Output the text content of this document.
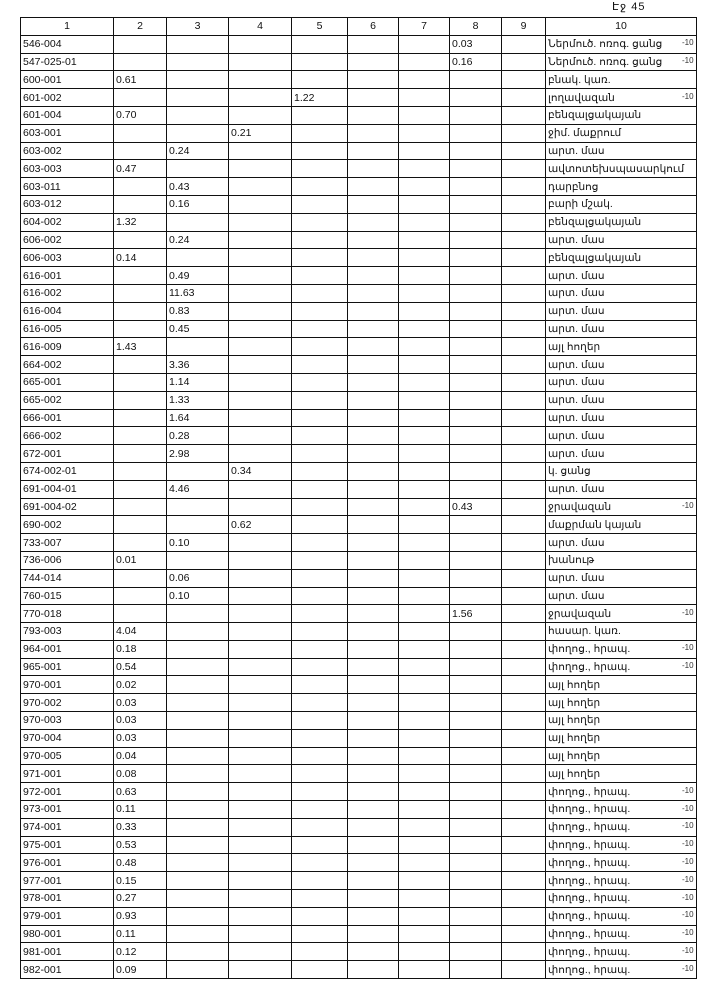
Էջ 45
1	2	3	4	5	6	7	8	9	10
546-004							0.03		Ներմուծ. ոռոգ. ցանց
547-025-01							0.16		Ներմուծ. ոռոգ. ցանց
600-001	0.61								բնակ. կառ.
601-002				1.22					լողավազան
601-004	0.70								բենզալցակայան
603-001			0.21						ջիմ. մաքրում
603-002		0.24							արտ. մաս
603-003	0.47								ավտոտեխսպասարկում
603-011		0.43							դարբնոց
603-012		0.16							բարի մշակ.
604-002	1.32								բենզալցակայան
606-002		0.24							արտ. մաս
606-003	0.14								բենզալցակայան
616-001		0.49							արտ. մաս
616-002		11.63							արտ. մաս
616-004		0.83							արտ. մաս
616-005		0.45							արտ. մաս
616-009	1.43								այլ հողեր
664-002		3.36							արտ. մաս
665-001		1.14							արտ. մաս
665-002		1.33							արտ. մաս
666-001		1.64							արտ. մաս
666-002		0.28							արտ. մաս
672-001		2.98							արտ. մաս
674-002-01			0.34						կ. ցանց
691-004-01		4.46							արտ. մաս
691-004-02							0.43		ջրավազան
690-002			0.62						մաքրման կայան
733-007		0.10							արտ. մաս
736-006	0.01								խանութ
744-014		0.06							արտ. մաս
760-015		0.10							արտ. մաս
770-018							1.56		ջրավազան
793-003	4.04								հասար. կառ.
964-001	0.18								փողոց., հրապ.
965-001	0.54								փողոց., հրապ.
970-001	0.02								այլ հողեր
970-002	0.03								այլ հողեր
970-003	0.03								այլ հողեր
970-004	0.03								այլ հողեր
970-005	0.04								այլ հողեր
971-001	0.08								այլ հողեր
972-001	0.63								փողոց., հրապ.
973-001	0.11								փողոց., հրապ.
974-001	0.33								փողոց., հրապ.
975-001	0.53								փողոց., հրապ.
976-001	0.48								փողոց., հրապ.
977-001	0.15								փողոց., հրապ.
978-001	0.27								փողոց., հրապ.
979-001	0.93								փողոց., հրապ.
980-001	0.11								փողոց., հրապ.
981-001	0.12								փողոց., հրապ.
982-001	0.09								փողոց., հրապ.
-10
-10
-10
-10
-10
-10
-10
-10
-10
-10
-10
-10
-10
-10
-10
-10
-10
-10
